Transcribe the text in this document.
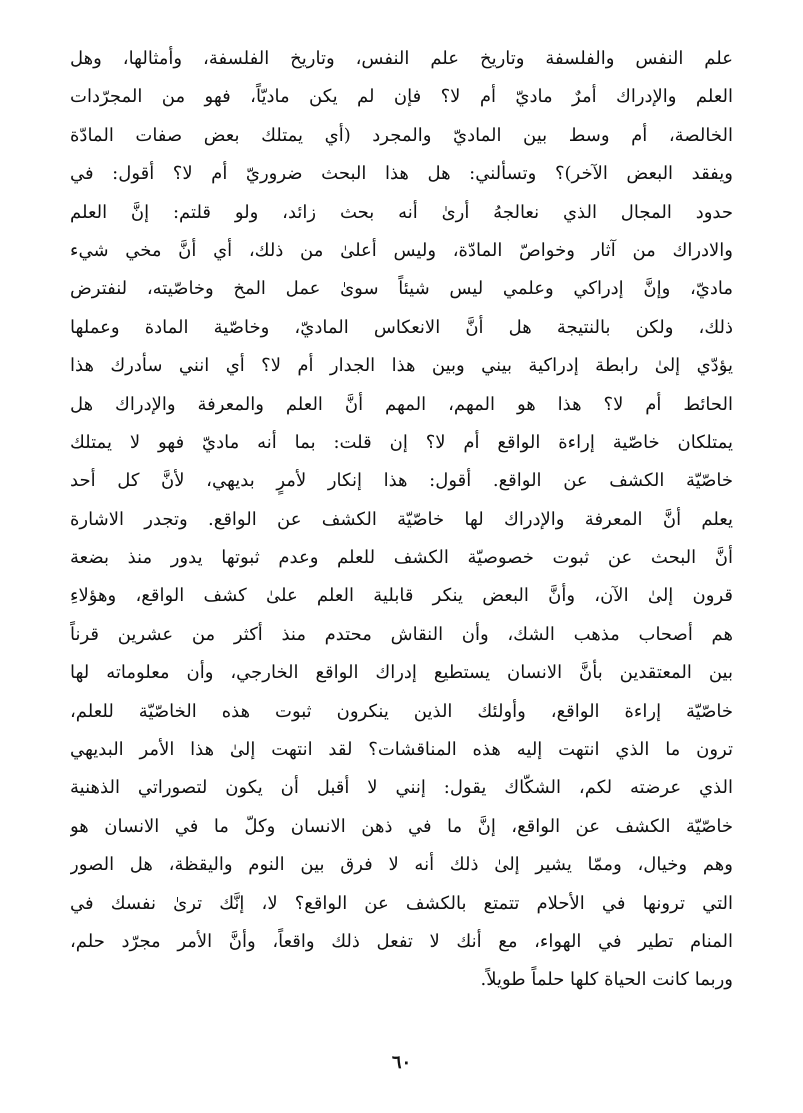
علم النفس والفلسفة وتاريخ علم النفس، وتاريخ الفلسفة، وأمثالها، وهل
العلم والإدراك أمرٌ ماديّ أم لا؟ فإن لم يكن ماديّاً، فهو من المجرّدات
الخالصة، أم وسط بين الماديّ والمجرد (أي يمتلك بعض صفات المادّة
ويفقد البعض الآخر)؟ وتسألني: هل هذا البحث ضروريّ أم لا؟ أقول: في
حدود المجال الذي نعالجهُ أرىٰ أنه بحث زائد، ولو قلتم: إنَّ العلم
والادراك من آثار وخواصّ المادّة، وليس أعلىٰ من ذلك، أي أنَّ مخي شيء
ماديّ، وإنَّ إدراكي وعلمي ليس شيئاً سوىٰ عمل المخ وخاصّيته، لنفترض
ذلك، ولكن بالنتيجة هل أنَّ الانعكاس الماديّ، وخاصّية المادة وعملها
يؤدّي إلىٰ رابطة إدراكية بيني وبين هذا الجدار أم لا؟ أي انني سأدرك هذا
الحائط أم لا؟ هذا هو المهم، المهم أنَّ العلم والمعرفة والإدراك هل
يمتلكان خاصّية إراءة الواقع أم لا؟ إن قلت: بما أنه ماديّ فهو لا يمتلك
خاصّيّة الكشف عن الواقع. أقول: هذا إنكار لأمرٍ بديهي، لأنَّ كل أحد
يعلم أنَّ المعرفة والإدراك لها خاصّيّة الكشف عن الواقع. وتجدر الاشارة
أنَّ البحث عن ثبوت خصوصيّة الكشف للعلم وعدم ثبوتها يدور منذ بضعة
قرون إلىٰ الآن، وأنَّ البعض ينكر قابلية العلم علىٰ كشف الواقع، وهؤلاءِ
هم أصحاب مذهب الشك، وأن النقاش محتدم منذ أكثر من عشرين قرناً
بين المعتقدين بأنَّ الانسان يستطيع إدراك الواقع الخارجي، وأن معلوماته لها
خاصّيّة إراءة الواقع، وأولئك الذين ينكرون ثبوت هذه الخاصّيّة للعلم،
ترون ما الذي انتهت إليه هذه المناقشات؟ لقد انتهت إلىٰ هذا الأمر البديهي
الذي عرضته لكم، الشكّاك يقول: إنني لا أقبل أن يكون لتصوراتي الذهنية
خاصّيّة الكشف عن الواقع، إنَّ ما في ذهن الانسان وكلّ ما في الانسان هو
وهم وخيال، وممّا يشير إلىٰ ذلك أنه لا فرق بين النوم واليقظة، هل الصور
التي ترونها في الأحلام تتمتع بالكشف عن الواقع؟ لا، إنَّك ترىٰ نفسك في
المنام تطير في الهواء، مع أنك لا تفعل ذلك واقعاً، وأنَّ الأمر مجرّد حلم،
وربما كانت الحياة كلها حلماً طويلاً.
٦٠
